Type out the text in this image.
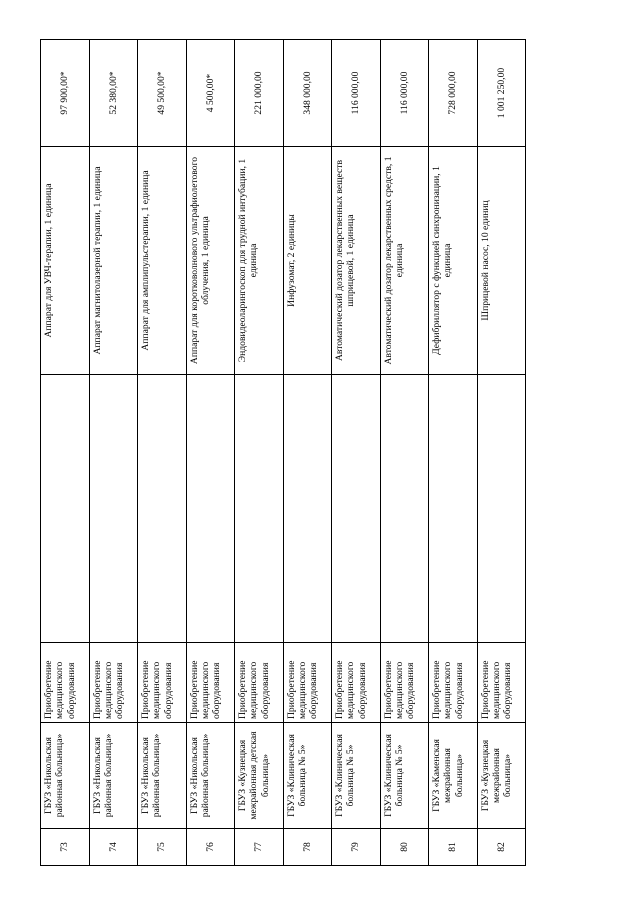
73	ГБУЗ «Никольская районная больница»	Приобретение медицинского оборудования		Аппарат для УВЧ-терапии, 1 единица	97 900,00*
74	ГБУЗ «Никольская районная больница»	Приобретение медицинского оборудования		Аппарат магнитолазерной терапии, 1 единица	52 380,00*
75	ГБУЗ «Никольская районная больница»	Приобретение медицинского оборудования		Аппарат для амплипульстерапии, 1 единица	49 500,00*
76	ГБУЗ «Никольская районная больница»	Приобретение медицинского оборудования		Аппарат для коротковолнового ультрафиолетового облучения, 1 единица	4 500,00*
77	ГБУЗ «Кузнецкая межрайонная детская больница»	Приобретение медицинского оборудования		Эндовидеоларингоскоп для трудной интубации, 1 единица	221 000,00
78	ГБУЗ «Клиническая больница № 5»	Приобретение медицинского оборудования		Инфузомат, 2 единицы	348 000,00
79	ГБУЗ «Клиническая больница № 5»	Приобретение медицинского оборудования		Автоматический дозатор лекарственных веществ шприцевой, 1 единица	116 000,00
80	ГБУЗ «Клиническая больница № 5»	Приобретение медицинского оборудования		Автоматический дозатор лекарственных средств, 1 единица	116 000,00
81	ГБУЗ «Каменская межрайонная больница»	Приобретение медицинского оборудования		Дефибриллятор с функцией синхронизации, 1 единица	728 000,00
82	ГБУЗ «Кузнецкая межрайонная больница»	Приобретение медицинского оборудования		Шприцевой насос, 10 единиц	1 001 250,00
